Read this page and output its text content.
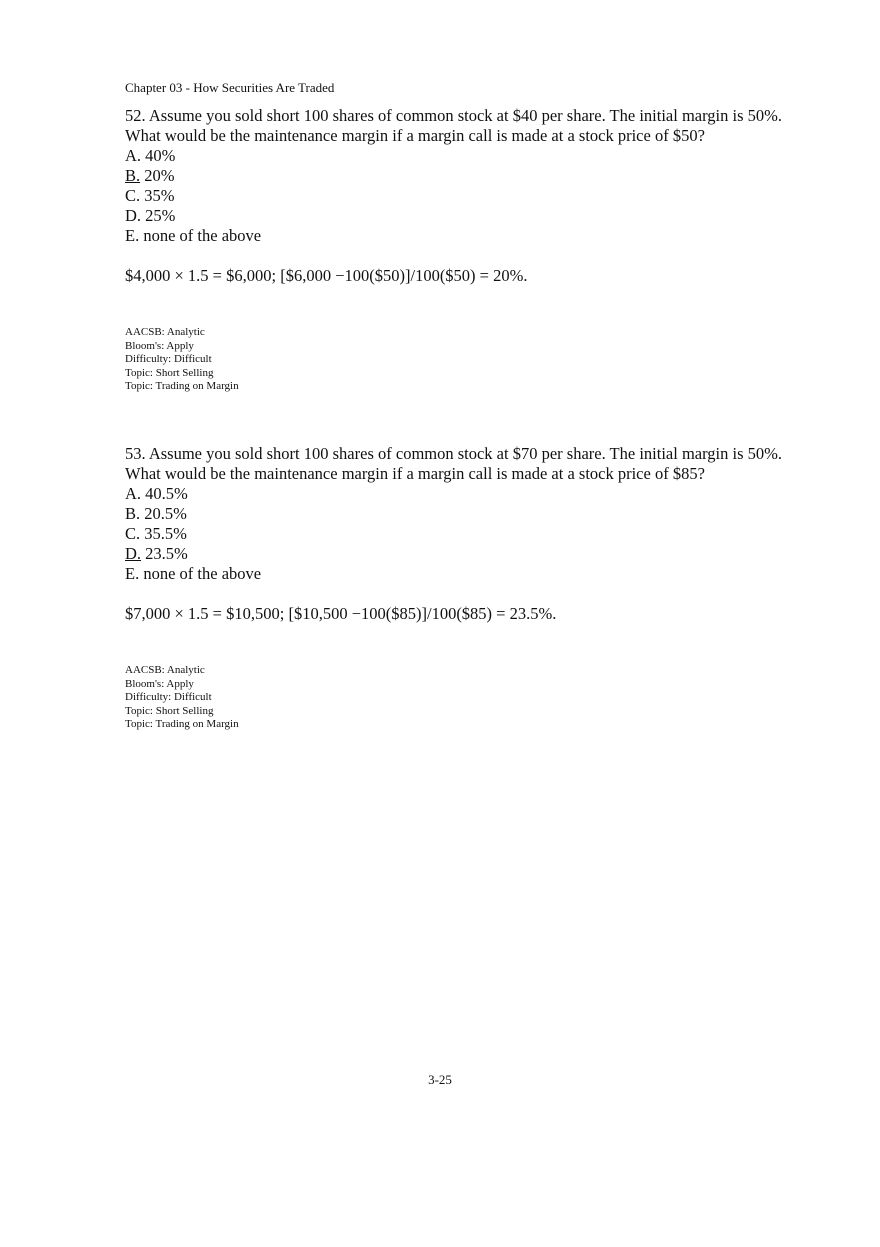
Chapter 03 - How Securities Are Traded

52. Assume you sold short 100 shares of common stock at $40 per share. The initial margin is 50%. What would be the maintenance margin if a margin call is made at a stock price of $50?

A. 40%
B. 20%
C. 35%
D. 25%
E. none of the above

$4,000 × 1.5 = $6,000; [$6,000 −100($50)]/100($50) = 20%.

AACSB: Analytic
Bloom's: Apply
Difficulty: Difficult
Topic: Short Selling
Topic: Trading on Margin

53. Assume you sold short 100 shares of common stock at $70 per share. The initial margin is 50%. What would be the maintenance margin if a margin call is made at a stock price of $85?

A. 40.5%
B. 20.5%
C. 35.5%
D. 23.5%
E. none of the above

$7,000 × 1.5 = $10,500; [$10,500 −100($85)]/100($85) = 23.5%.

AACSB: Analytic
Bloom's: Apply
Difficulty: Difficult
Topic: Short Selling
Topic: Trading on Margin
3-25
